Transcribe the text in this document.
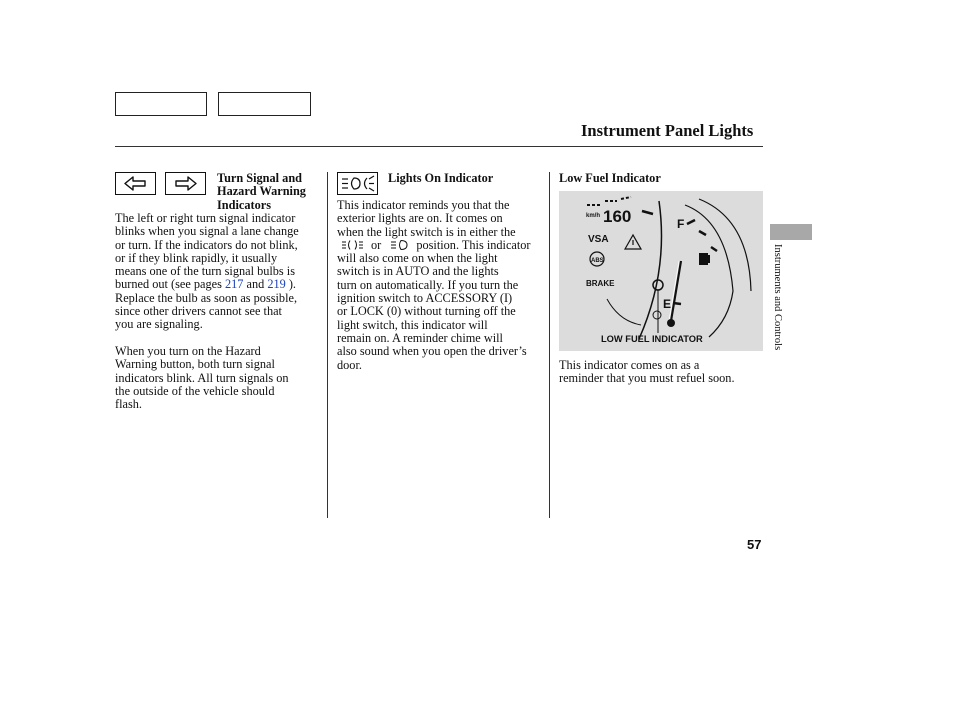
Instrument Panel Lights
Turn Signal and
Hazard Warning
Indicators
The left or right turn signal indicator
blinks when you signal a lane change
or turn. If the indicators do not blink,
or if they blink rapidly, it usually
means one of the turn signal bulbs is
burned out (see pages 217 and 219 ).
Replace the bulb as soon as possible,
since other drivers cannot see that
you are signaling.
When you turn on the Hazard
Warning button, both turn signal
indicators blink. All turn signals on
the outside of the vehicle should
flash.
Lights On Indicator
This indicator reminds you that the
exterior lights are on. It comes on
when the light switch is in either the
or	position. This indicator
will also come on when the light
switch is in AUTO and the lights
turn on automatically. If you turn the
ignition switch to ACCESSORY (I)
or LOCK (0) without turning off the
light switch, this indicator will
remain on. A reminder chime will
also sound when you open the driver’s
door.
Low Fuel Indicator
km/h 160
VSA
ABS
BRAKE
F
E
LOW FUEL INDICATOR
This indicator comes on as a
reminder that you must refuel soon.
Instruments and Controls
57
